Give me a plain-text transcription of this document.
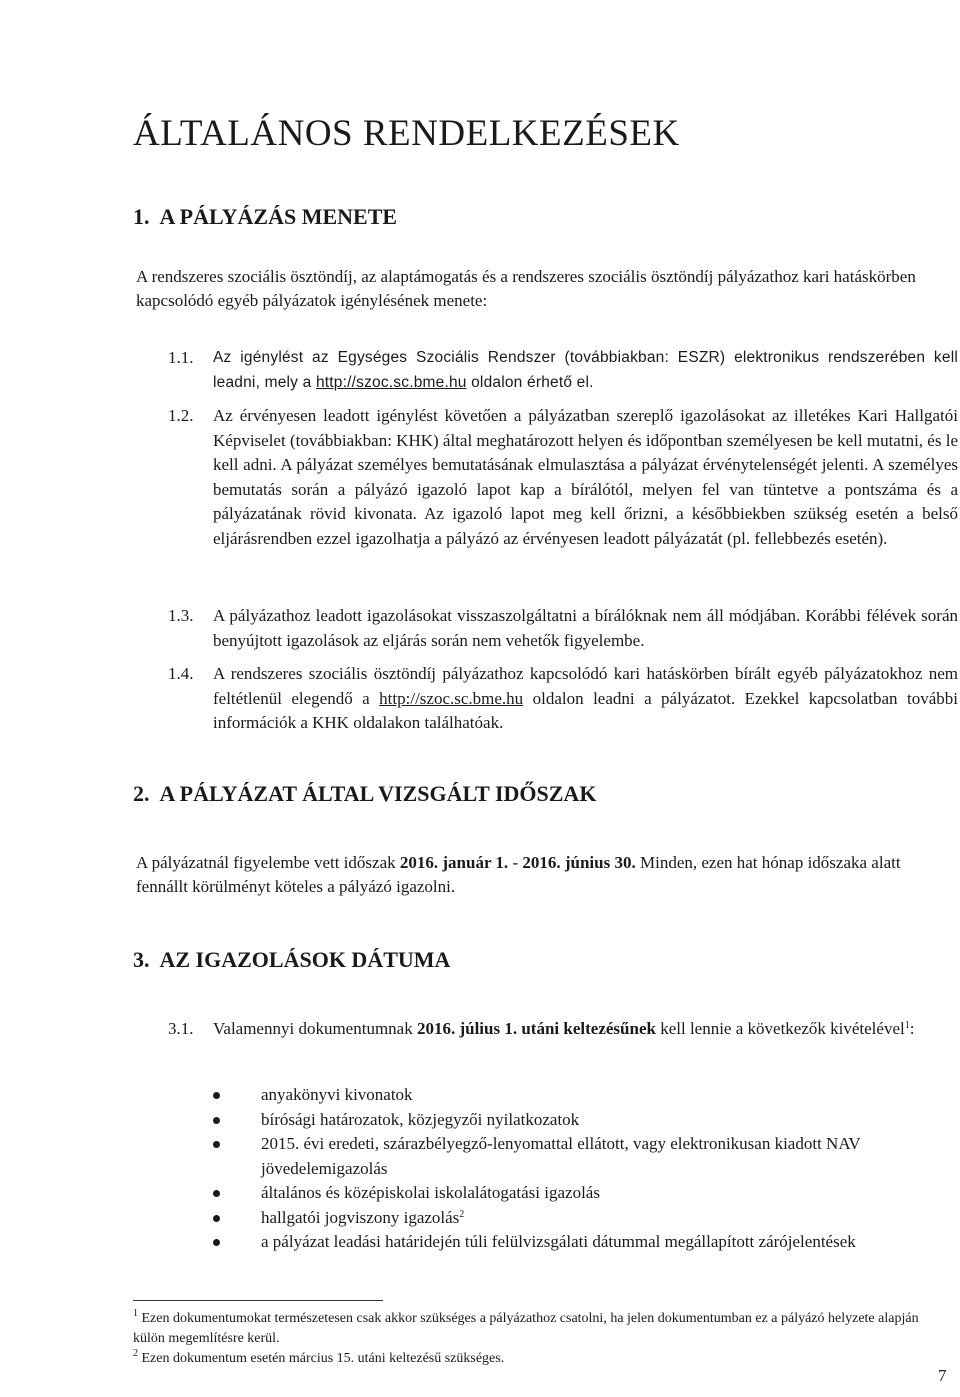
ÁLTALÁNOS RENDELKEZÉSEK
1. A PÁLYÁZÁS MENETE

A rendszeres szociális ösztöndíj, az alaptámogatás és a rendszeres szociális ösztöndíj pályázathoz kari hatáskörben kapcsolódó egyéb pályázatok igénylésének menete:

1.1. Az igénylést az Egységes Szociális Rendszer (továbbiakban: ESZR) elektronikus rendszerében kell leadni, mely a http://szoc.sc.bme.hu oldalon érhető el.
1.2. Az érvényesen leadott igénylést követően a pályázatban szereplő igazolásokat az illetékes Kari Hallgatói Képviselet (továbbiakban: KHK) által meghatározott helyen és időpontban személyesen be kell mutatni, és le kell adni. A pályázat személyes bemutatásának elmulasztása a pályázat érvénytelenségét jelenti. A személyes bemutatás során a pályázó igazoló lapot kap a bírálótól, melyen fel van tüntetve a pontszáma és a pályázatának rövid kivonata. Az igazoló lapot meg kell őrizni, a későbbiekben szükség esetén a belső eljárásrendben ezzel igazolhatja a pályázó az érvényesen leadott pályázatát (pl. fellebbezés esetén).
1.3. A pályázathoz leadott igazolásokat visszaszolgáltatni a bírálóknak nem áll módjában. Korábbi félévek során benyújtott igazolások az eljárás során nem vehetők figyelembe.
1.4. A rendszeres szociális ösztöndíj pályázathoz kapcsolódó kari hatáskörben bírált egyéb pályázatokhoz nem feltétlenül elegendő a http://szoc.sc.bme.hu oldalon leadni a pályázatot. Ezekkel kapcsolatban további információk a KHK oldalakon találhatóak.
2. A PÁLYÁZAT ÁLTAL VIZSGÁLT IDŐSZAK

A pályázatnál figyelembe vett időszak 2016. január 1. - 2016. június 30. Minden, ezen hat hónap időszaka alatt fennállt körülményt köteles a pályázó igazolni.

3. AZ IGAZOLÁSOK DÁTUMA
3.1. Valamennyi dokumentumnak 2016. július 1. utáni keltezésűnek kell lennie a következők kivételével$^1$:
anyakönyvi kivonatok
bírósági határozatok, közjegyzői nyilatkozatok
2015. évi eredeti, szárazbélyegző-lenyomattal ellátott, vagy elektronikusan kiadott NAV jövedelemigazolás
általános és középiskolai iskolalátogatási igazolás
hallgatói jogviszony igazolás$^2$
a pályázat leadási határidején túli felülvizsgálati dátummal megállapított zárójelentések

$^1$ Ezen dokumentumokat természetesen csak akkor szükséges a pályázathoz csatolni, ha jelen dokumentumban ez a pályázó helyzete alapján külön megemlítésre kerül.

$^2$ Ezen dokumentum esetén március 15. utáni keltezésű szükséges.

7
